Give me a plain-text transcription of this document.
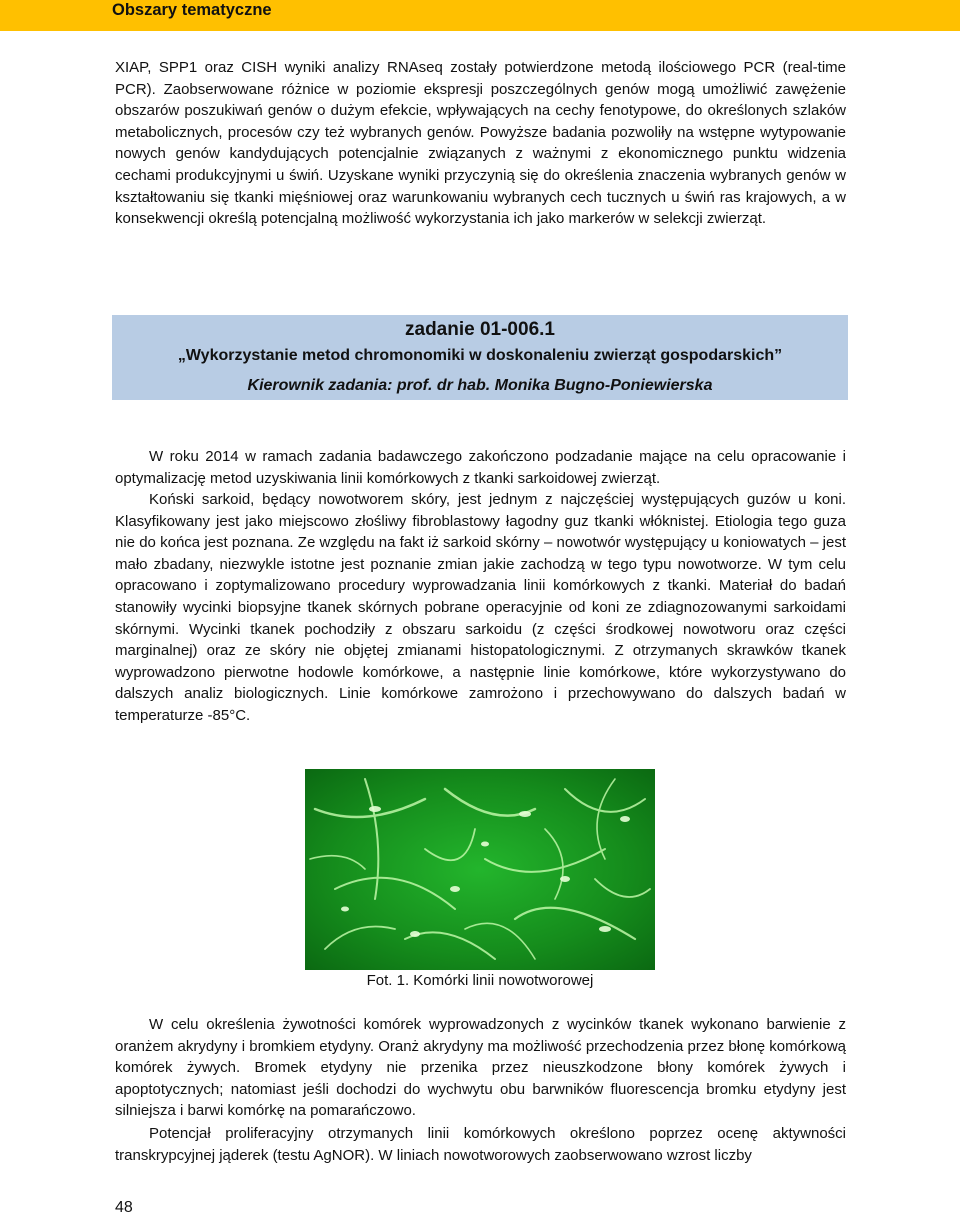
Obszary tematyczne

XIAP, SPP1 oraz CISH wyniki analizy RNAseq zostały potwierdzone metodą ilościowego PCR (real-time PCR). Zaobserwowane różnice w poziomie ekspresji poszczególnych genów mogą umożliwić zawężenie obszarów poszukiwań genów o dużym efekcie, wpływających na cechy fenotypowe, do określonych szlaków metabolicznych, procesów czy też wybranych genów. Powyższe badania pozwoliły na wstępne wytypowanie nowych genów kandydujących potencjalnie związanych z ważnymi z ekonomicznego punktu widzenia cechami produkcyjnymi u świń. Uzyskane wyniki przyczynią się do określenia znaczenia wybranych genów w kształtowaniu się tkanki mięśniowej oraz warunkowaniu wybranych cech tucznych u świń ras krajowych, a w konsekwencji określą potencjalną możliwość wykorzystania ich jako markerów w selekcji zwierząt.

zadanie 01-006.1
„Wykorzystanie metod chromonomiki w doskonaleniu zwierząt gospodarskich”
Kierownik zadania: prof. dr hab. Monika Bugno-Poniewierska

W roku 2014 w ramach zadania badawczego zakończono podzadanie mające na celu opracowanie i optymalizację metod uzyskiwania linii komórkowych z tkanki sarkoidowej zwierząt.

Koński sarkoid, będący nowotworem skóry, jest jednym z najczęściej występujących guzów u koni. Klasyfikowany jest jako miejscowo złośliwy fibroblastowy łagodny guz tkanki włóknistej. Etiologia tego guza nie do końca jest poznana. Ze względu na fakt iż sarkoid skórny – nowotwór występujący u koniowatych – jest mało zbadany, niezwykle istotne jest poznanie zmian jakie zachodzą w tego typu nowotworze. W tym celu opracowano i zoptymalizowano procedury wyprowadzania linii komórkowych z tkanki. Materiał do badań stanowiły wycinki biopsyjne tkanek skórnych pobrane operacyjnie od koni ze zdiagnozowanymi sarkoidami skórnymi. Wycinki tkanek pochodziły z obszaru sarkoidu (z części środkowej nowotworu oraz części marginalnej) oraz ze skóry nie objętej zmianami histopatologicznymi. Z otrzymanych skrawków tkanek wyprowadzono pierwotne hodowle komórkowe, a następnie linie komórkowe, które wykorzystywano do dalszych analiz biologicznych. Linie komórkowe zamrożono i przechowywano do dalszych badań w temperaturze -85°C.

Fot. 1. Komórki linii nowotworowej

W celu określenia żywotności komórek wyprowadzonych z wycinków tkanek wykonano barwienie z oranżem akrydyny i bromkiem etydyny. Oranż akrydyny ma możliwość przechodzenia przez błonę komórkową komórek żywych. Bromek etydyny nie przenika przez nieuszkodzone błony komórek żywych i apoptotycznych; natomiast jeśli dochodzi do wychwytu obu barwników fluorescencja bromku etydyny jest silniejsza i barwi komórkę na pomarańczowo.

Potencjał proliferacyjny otrzymanych linii komórkowych określono poprzez ocenę aktywności transkrypcyjnej jąderek (testu AgNOR). W liniach nowotworowych zaobserwowano wzrost liczby

48
